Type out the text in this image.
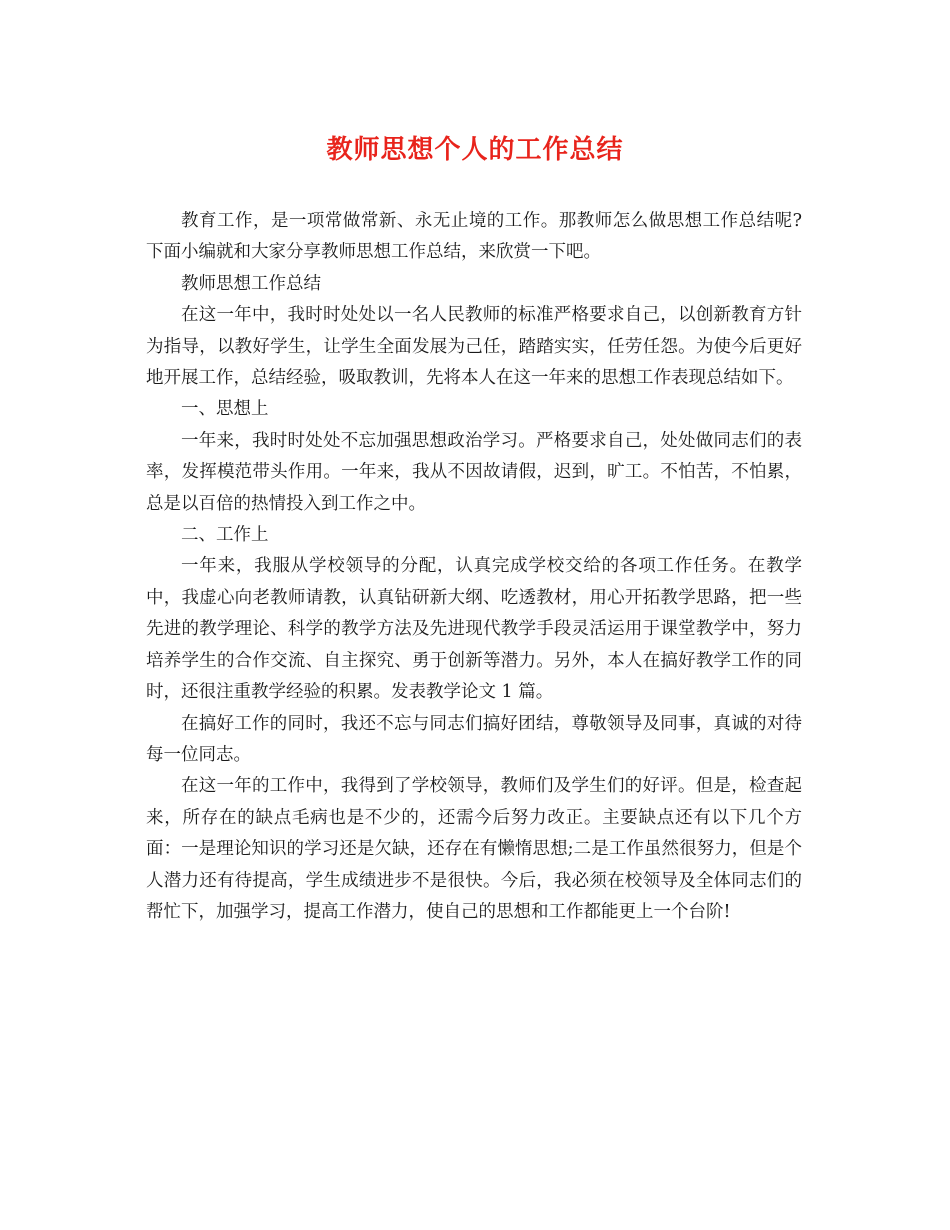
教师思想个人的工作总结

教育工作，是一项常做常新、永无止境的工作。那教师怎么做思想工作总结呢?下面小编就和大家分享教师思想工作总结，来欣赏一下吧。

教师思想工作总结

在这一年中，我时时处处以一名人民教师的标准严格要求自己，以创新教育方针为指导，以教好学生，让学生全面发展为己任，踏踏实实，任劳任怨。为使今后更好地开展工作，总结经验，吸取教训，先将本人在这一年来的思想工作表现总结如下。

一、思想上

一年来，我时时处处不忘加强思想政治学习。严格要求自己，处处做同志们的表率，发挥模范带头作用。一年来，我从不因故请假，迟到，旷工。不怕苦，不怕累，总是以百倍的热情投入到工作之中。

二、工作上

一年来，我服从学校领导的分配，认真完成学校交给的各项工作任务。在教学中，我虚心向老教师请教，认真钻研新大纲、吃透教材，用心开拓教学思路，把一些先进的教学理论、科学的教学方法及先进现代教学手段灵活运用于课堂教学中，努力培养学生的合作交流、自主探究、勇于创新等潜力。另外，本人在搞好教学工作的同时，还很注重教学经验的积累。发表教学论文 1 篇。

在搞好工作的同时，我还不忘与同志们搞好团结，尊敬领导及同事，真诚的对待每一位同志。

在这一年的工作中，我得到了学校领导，教师们及学生们的好评。但是，检查起来，所存在的缺点毛病也是不少的，还需今后努力改正。主要缺点还有以下几个方面：一是理论知识的学习还是欠缺，还存在有懒惰思想;二是工作虽然很努力，但是个人潜力还有待提高，学生成绩进步不是很快。今后，我必须在校领导及全体同志们的帮忙下，加强学习，提高工作潜力，使自己的思想和工作都能更上一个台阶!
